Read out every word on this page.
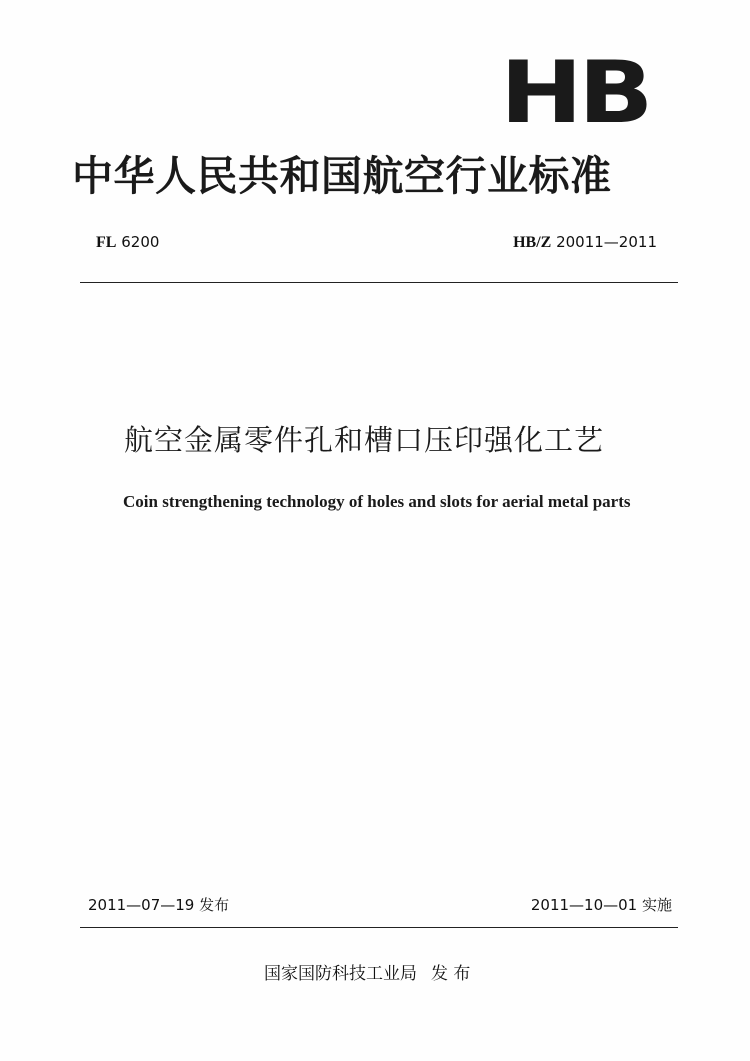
HB
中华人民共和国航空行业标准
FL 6200	HB/Z 20011—2011
航空金属零件孔和槽口压印强化工艺
Coin strengthening technology of holes and slots for aerial metal parts
2011—07—19 发布	2011—10—01 实施
国家国防科技工业局 发 布
